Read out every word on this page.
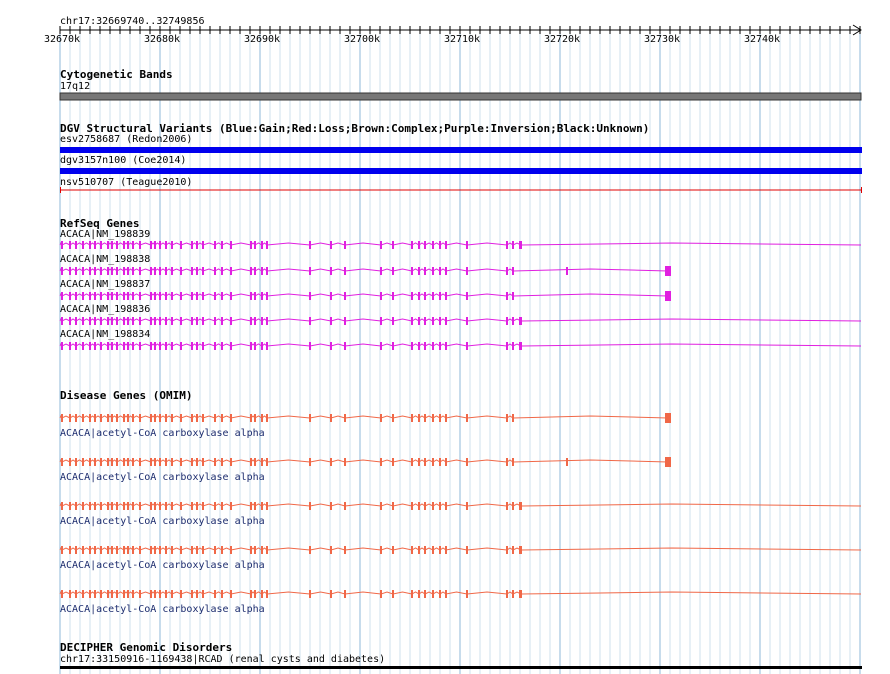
chr17:32669740..32749856
32670k	32680k	32690k	32700k	32710k	32720k	32730k	32740k
Cytogenetic Bands
17q12
DGV Structural Variants (Blue:Gain;Red:Loss;Brown:Complex;Purple:Inversion;Black:Unknown)
esv2758687 (Redon2006)
dgv3157n100 (Coe2014)
nsv510707 (Teague2010)
RefSeq Genes
ACACA|NM_198839
ACACA|NM_198838
ACACA|NM_198837
ACACA|NM_198836
ACACA|NM_198834
Disease Genes (OMIM)
ACACA|acetyl-CoA carboxylase alpha
ACACA|acetyl-CoA carboxylase alpha
ACACA|acetyl-CoA carboxylase alpha
ACACA|acetyl-CoA carboxylase alpha
ACACA|acetyl-CoA carboxylase alpha
DECIPHER Genomic Disorders
chr17:33150916-1169438|RCAD (renal cysts and diabetes)
